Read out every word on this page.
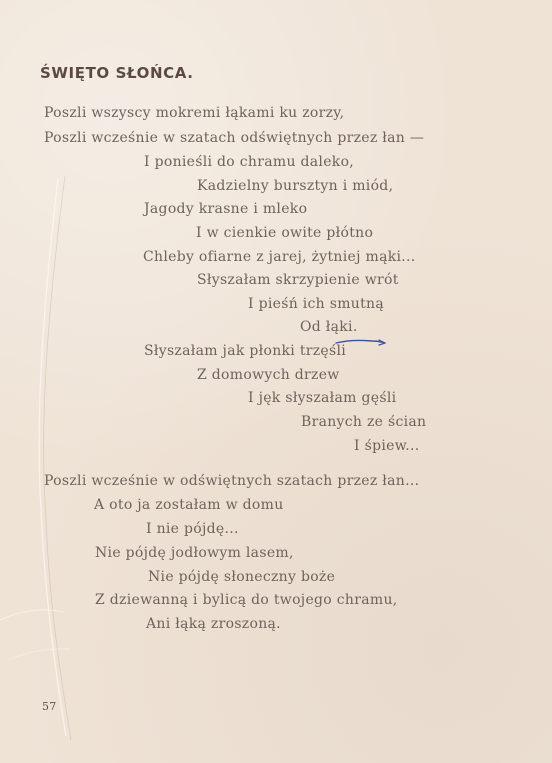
ŚWIĘTO SŁOŃCA.
Poszli wszyscy mokremi łąkami ku zorzy,
Poszli wcześnie w szatach odświętnych przez łan —
I ponieśli do chramu daleko,
Kadzielny bursztyn i miód,
Jagody krasne i mleko
I w cienkie owite płótno
Chleby ofiarne z jarej, żytniej mąki...
Słyszałam skrzypienie wrót
I pieśń ich smutną
Od łąki.
Słyszałam jak płonki trzęśli
Z domowych drzew
I jęk słyszałam gęśli
Branych ze ścian
I śpiew...
Poszli wcześnie w odświętnych szatach przez łan...
A oto ja zostałam w domu
I nie pójdę...
Nie pójdę jodłowym lasem,
Nie pójdę słoneczny boże
Z dziewanną i bylicą do twojego chramu,
Ani łąką zroszoną.
57
